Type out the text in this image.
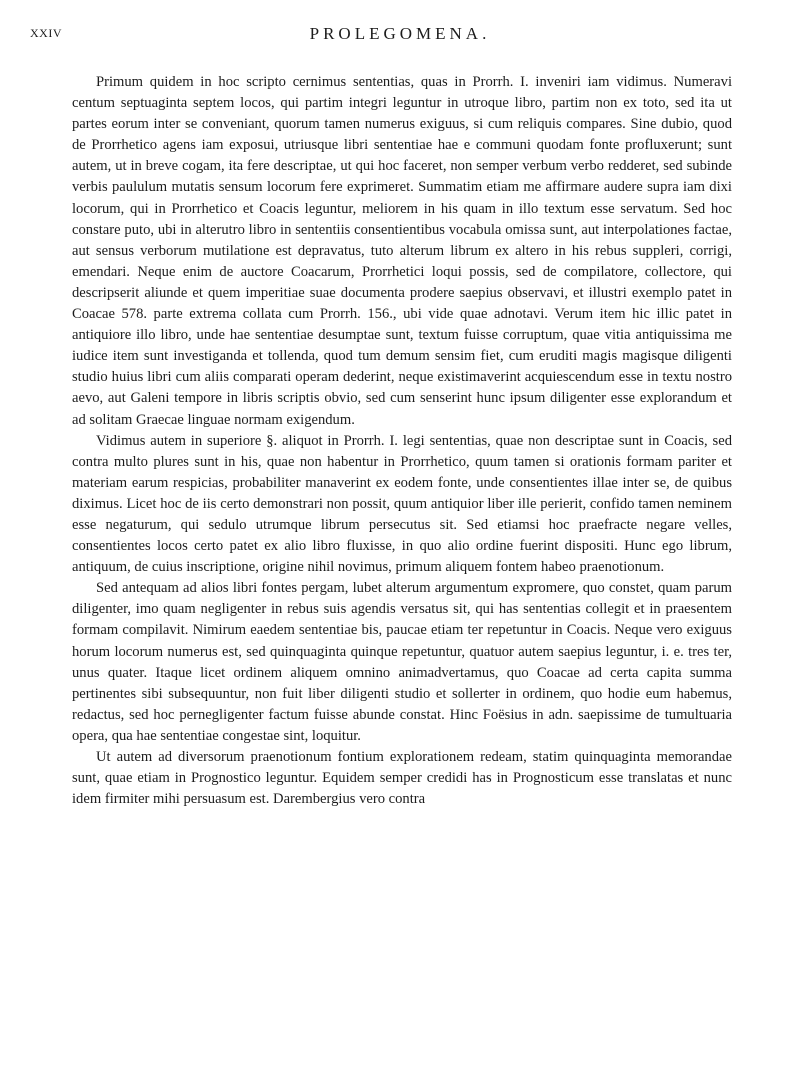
XXIV	PROLEGOMENA.

Primum quidem in hoc scripto cernimus sententias, quas in Prorrh. I. inveniri iam vidimus. Numeravi centum septuaginta septem locos, qui partim integri leguntur in utroque libro, partim non ex toto, sed ita ut partes eorum inter se conveniant, quorum tamen numerus exiguus, si cum reliquis compares. Sine dubio, quod de Prorrhetico agens iam exposui, utriusque libri sententiae hae e communi quodam fonte profluxerunt; sunt autem, ut in breve cogam, ita fere descriptae, ut qui hoc faceret, non semper verbum verbo redderet, sed subinde verbis paululum mutatis sensum locorum fere exprimeret. Summatim etiam me affirmare audere supra iam dixi locorum, qui in Prorrhetico et Coacis leguntur, meliorem in his quam in illo textum esse servatum. Sed hoc constare puto, ubi in alterutro libro in sententiis consentientibus vocabula omissa sunt, aut interpolationes factae, aut sensus verborum mutilatione est depravatus, tuto alterum librum ex altero in his rebus suppleri, corrigi, emendari. Neque enim de auctore Coacarum, Prorrhetici loqui possis, sed de compilatore, collectore, qui descripserit aliunde et quem imperitiae suae documenta prodere saepius observavi, et illustri exemplo patet in Coacae 578. parte extrema collata cum Prorrh. 156., ubi vide quae adnotavi. Verum item hic illic patet in antiquiore illo libro, unde hae sententiae desumptae sunt, textum fuisse corruptum, quae vitia antiquissima me iudice item sunt investiganda et tollenda, quod tum demum sensim fiet, cum eruditi magis magisque diligenti studio huius libri cum aliis comparati operam dederint, neque existimaverint acquiescendum esse in textu nostro aevo, aut Galeni tempore in libris scriptis obvio, sed cum senserint hunc ipsum diligenter esse explorandum et ad solitam Graecae linguae normam exigendum.

Vidimus autem in superiore §. aliquot in Prorrh. I. legi sententias, quae non descriptae sunt in Coacis, sed contra multo plures sunt in his, quae non habentur in Prorrhetico, quum tamen si orationis formam pariter et materiam earum respicias, probabiliter manaverint ex eodem fonte, unde consentientes illae inter se, de quibus diximus. Licet hoc de iis certo demonstrari non possit, quum antiquior liber ille perierit, confido tamen neminem esse negaturum, qui sedulo utrumque librum persecutus sit. Sed etiamsi hoc praefracte negare velles, consentientes locos certo patet ex alio libro fluxisse, in quo alio ordine fuerint dispositi. Hunc ego librum, antiquum, de cuius inscriptione, origine nihil novimus, primum aliquem fontem habeo praenotionum.

Sed antequam ad alios libri fontes pergam, lubet alterum argumentum expromere, quo constet, quam parum diligenter, imo quam negligenter in rebus suis agendis versatus sit, qui has sententias collegit et in praesentem formam compilavit. Nimirum eaedem sententiae bis, paucae etiam ter repetuntur in Coacis. Neque vero exiguus horum locorum numerus est, sed quinquaginta quinque repetuntur, quatuor autem saepius leguntur, i. e. tres ter, unus quater. Itaque licet ordinem aliquem omnino animadvertamus, quo Coacae ad certa capita summa pertinentes sibi subsequuntur, non fuit liber diligenti studio et sollerter in ordinem, quo hodie eum habemus, redactus, sed hoc pernegligenter factum fuisse abunde constat. Hinc Foësius in adn. saepissime de tumultuaria opera, qua hae sententiae congestae sint, loquitur.

Ut autem ad diversorum praenotionum fontium explorationem redeam, statim quinquaginta memorandae sunt, quae etiam in Prognostico leguntur. Equidem semper credidi has in Prognosticum esse translatas et nunc idem firmiter mihi persuasum est. Darembergius vero contra
